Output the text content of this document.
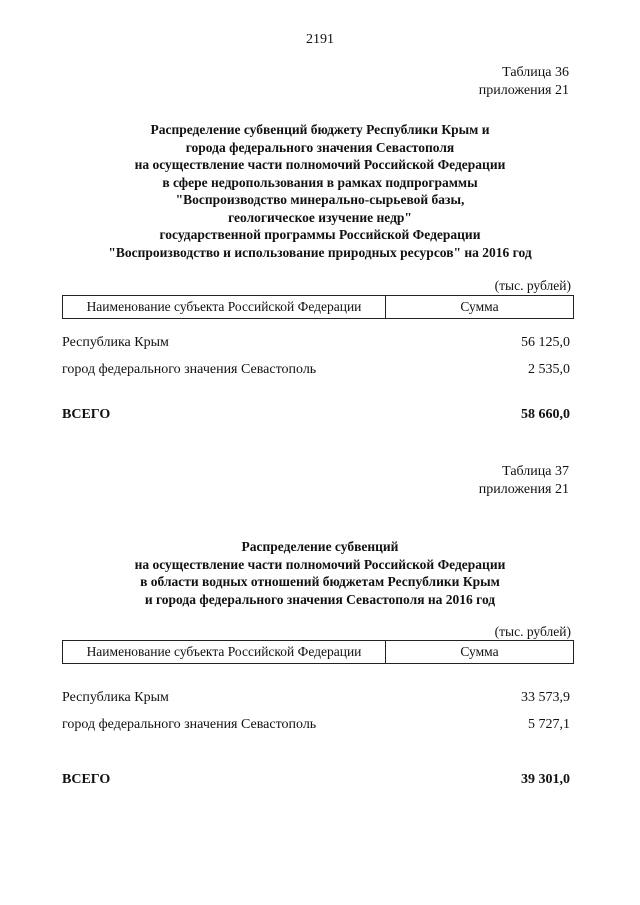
2191
Таблица 36
приложения 21
Распределение субвенций бюджету Республики Крым и
города федерального значения Севастополя
на осуществление части полномочий Российской Федерации
в сфере недропользования в рамках подпрограммы
"Воспроизводство минерально-сырьевой базы,
геологическое изучение недр"
государственной программы Российской Федерации
"Воспроизводство и использование природных ресурсов" на 2016 год
(тыс. рублей)
Наименование субъекта Российской Федерации	Сумма
Республика Крым	56 125,0
город федерального значения Севастополь	2 535,0
ВСЕГО	58 660,0
Таблица 37
приложения 21
Распределение субвенций
на осуществление части полномочий Российской Федерации
в области водных отношений бюджетам Республики Крым
и города федерального значения Севастополя на 2016 год
(тыс. рублей)
Наименование субъекта Российской Федерации	Сумма
Республика Крым	33 573,9
город федерального значения Севастополь	5 727,1
ВСЕГО	39 301,0
